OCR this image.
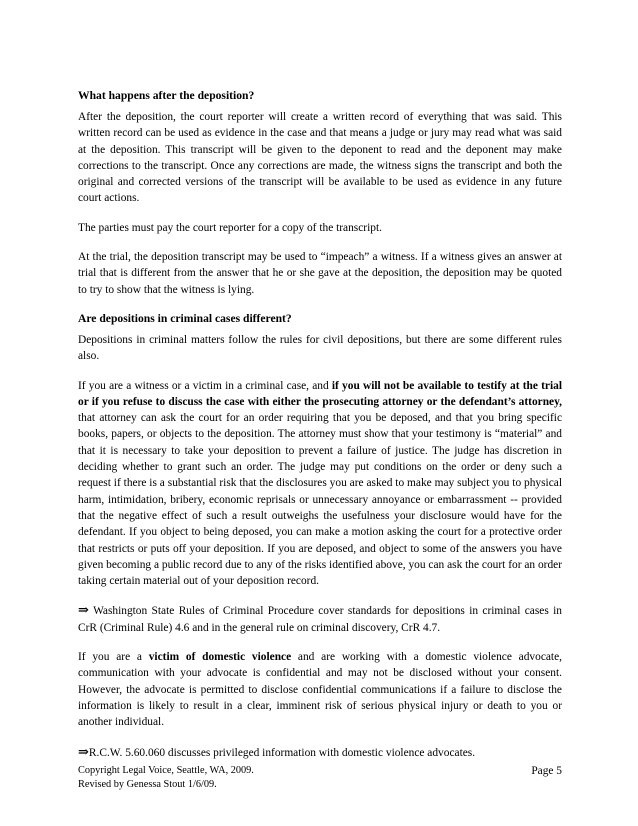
What happens after the deposition?

After the deposition, the court reporter will create a written record of everything that was said. This written record can be used as evidence in the case and that means a judge or jury may read what was said at the deposition. This transcript will be given to the deponent to read and the deponent may make corrections to the transcript. Once any corrections are made, the witness signs the transcript and both the original and corrected versions of the transcript will be available to be used as evidence in any future court actions.

The parties must pay the court reporter for a copy of the transcript.

At the trial, the deposition transcript may be used to “impeach” a witness. If a witness gives an answer at trial that is different from the answer that he or she gave at the deposition, the deposition may be quoted to try to show that the witness is lying.

Are depositions in criminal cases different?

Depositions in criminal matters follow the rules for civil depositions, but there are some different rules also.

If you are a witness or a victim in a criminal case, and if you will not be available to testify at the trial or if you refuse to discuss the case with either the prosecuting attorney or the defendant’s attorney, that attorney can ask the court for an order requiring that you be deposed, and that you bring specific books, papers, or objects to the deposition. The attorney must show that your testimony is “material” and that it is necessary to take your deposition to prevent a failure of justice. The judge has discretion in deciding whether to grant such an order. The judge may put conditions on the order or deny such a request if there is a substantial risk that the disclosures you are asked to make may subject you to physical harm, intimidation, bribery, economic reprisals or unnecessary annoyance or embarrassment -- provided that the negative effect of such a result outweighs the usefulness your disclosure would have for the defendant. If you object to being deposed, you can make a motion asking the court for a protective order that restricts or puts off your deposition. If you are deposed, and object to some of the answers you have given becoming a public record due to any of the risks identified above, you can ask the court for an order taking certain material out of your deposition record.

⇒ Washington State Rules of Criminal Procedure cover standards for depositions in criminal cases in CrR (Criminal Rule) 4.6 and in the general rule on criminal discovery, CrR 4.7.

If you are a victim of domestic violence and are working with a domestic violence advocate, communication with your advocate is confidential and may not be disclosed without your consent. However, the advocate is permitted to disclose confidential communications if a failure to disclose the information is likely to result in a clear, imminent risk of serious physical injury or death to you or another individual.

⇒R.C.W. 5.60.060 discusses privileged information with domestic violence advocates.

Copyright Legal Voice, Seattle, WA, 2009.
Revised by Genessa Stout 1/6/09.
Page 5
